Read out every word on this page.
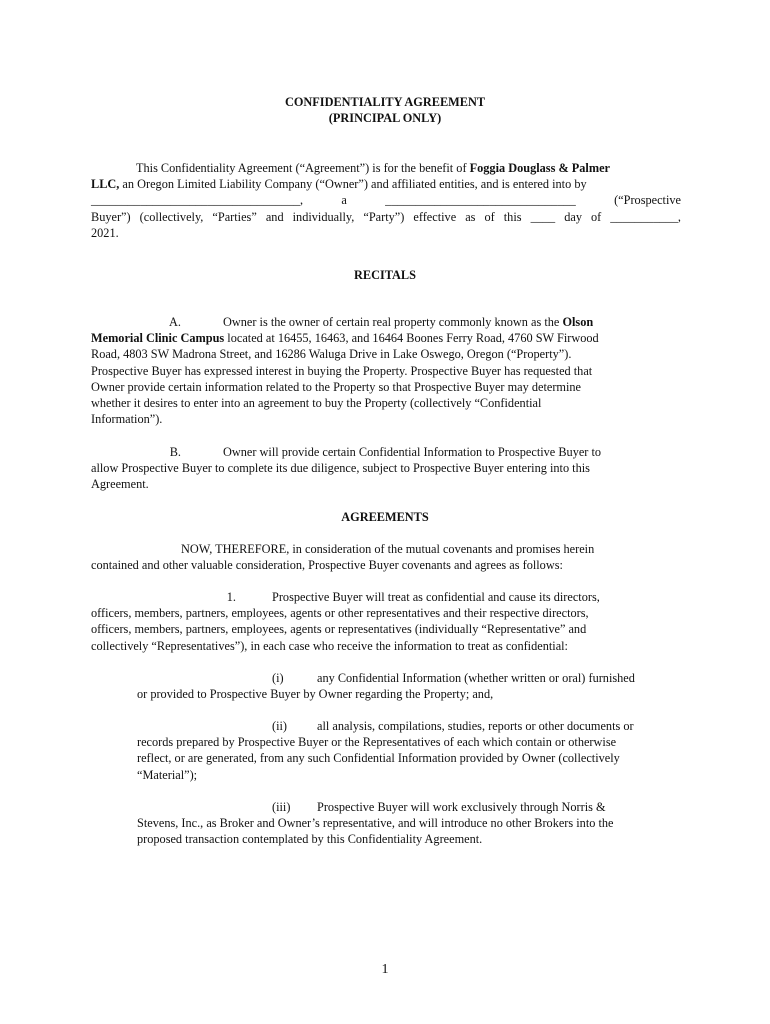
CONFIDENTIALITY AGREEMENT
(PRINCIPAL ONLY)
This Confidentiality Agreement (“Agreement”) is for the benefit of Foggia Douglass & Palmer
LLC, an Oregon Limited Liability Company (“Owner”) and affiliated entities, and is entered into by
__________________________________, a _______________________________ (“Prospective
Buyer”) (collectively, “Parties” and individually, “Party”) effective as of this ____ day of ___________,
2021.
RECITALS
A.	Owner is the owner of certain real property commonly known as the Olson
Memorial Clinic Campus located at 16455, 16463, and 16464 Boones Ferry Road, 4760 SW Firwood
Road, 4803 SW Madrona Street, and 16286 Waluga Drive in Lake Oswego, Oregon (“Property”).
Prospective Buyer has expressed interest in buying the Property. Prospective Buyer has requested that
Owner provide certain information related to the Property so that Prospective Buyer may determine
whether it desires to enter into an agreement to buy the Property (collectively “Confidential
Information”).
B.	Owner will provide certain Confidential Information to Prospective Buyer to
allow Prospective Buyer to complete its due diligence, subject to Prospective Buyer entering into this
Agreement.
AGREEMENTS
NOW, THEREFORE, in consideration of the mutual covenants and promises herein
contained and other valuable consideration, Prospective Buyer covenants and agrees as follows:
1.	Prospective Buyer will treat as confidential and cause its directors,
officers, members, partners, employees, agents or other representatives and their respective directors,
officers, members, partners, employees, agents or representatives (individually “Representative” and
collectively “Representatives”), in each case who receive the information to treat as confidential:
(i)	any Confidential Information (whether written or oral) furnished
or provided to Prospective Buyer by Owner regarding the Property; and,
(ii) all analysis, compilations, studies, reports or other documents or
records prepared by Prospective Buyer or the Representatives of each which contain or otherwise
reflect, or are generated, from any such Confidential Information provided by Owner (collectively
“Material”);
(iii) Prospective Buyer will work exclusively through Norris &
Stevens, Inc., as Broker and Owner’s representative, and will introduce no other Brokers into the
proposed transaction contemplated by this Confidentiality Agreement.
1
